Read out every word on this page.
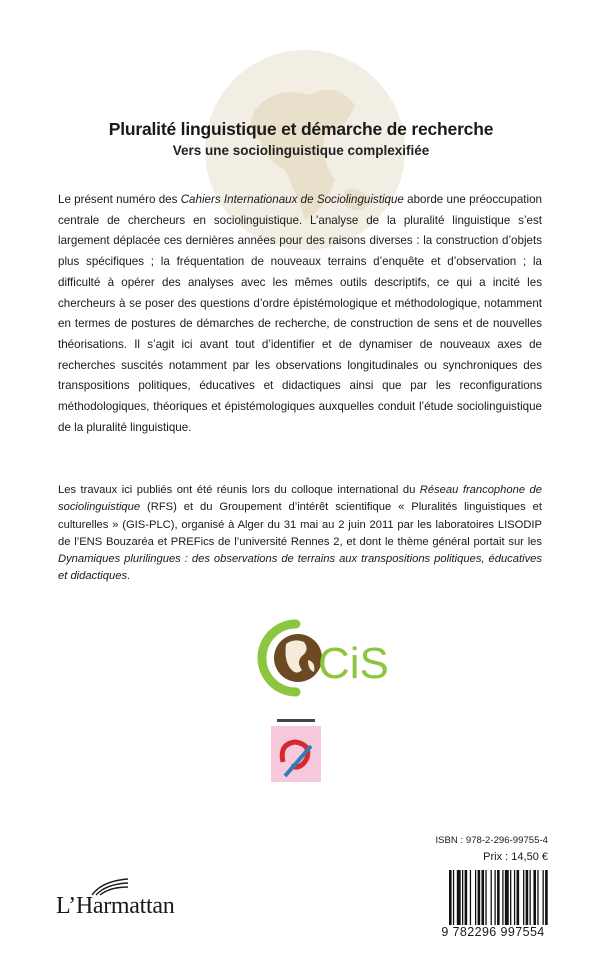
Pluralité linguistique et démarche de recherche
Vers une sociolinguistique complexifiée

Le présent numéro des Cahiers Internationaux de Sociolinguistique aborde une préoccupation centrale de chercheurs en sociolinguistique. L’analyse de la pluralité linguistique s’est largement déplacée ces dernières années pour des raisons diverses : la construction d’objets plus spécifiques ; la fréquentation de nouveaux terrains d’enquête et d’observation ; la difficulté à opérer des analyses avec les mêmes outils descriptifs, ce qui a incité les chercheurs à se poser des questions d’ordre épistémologique et méthodologique, notamment en termes de postures de démarches de recherche, de construction de sens et de nouvelles théorisations. Il s’agit ici avant tout d’identifier et de dynamiser de nouveaux axes de recherches suscités notamment par les observations longitudinales ou synchroniques des transpositions politiques, éducatives et didactiques ainsi que par les reconfigurations méthodologiques, théoriques et épistémologiques auxquelles conduit l’étude sociolinguistique de la pluralité linguistique.

Les travaux ici publiés ont été réunis lors du colloque international du Réseau francophone de sociolinguistique (RFS) et du Groupement d’intérêt scientifique « Pluralités linguistiques et culturelles » (GIS-PLC), organisé à Alger du 31 mai au 2 juin 2011 par les laboratoires LISODIP de l’ENS Bouzaréa et PREFics de l’université Rennes 2, et dont le thème général portait sur les Dynamiques plurilingues : des observations de terrains aux transpositions politiques, éducatives et didactiques.

CiS

ISBN : 978-2-296-99755-4

Prix : 14,50 €

9 782296 997554

L’Harmattan
